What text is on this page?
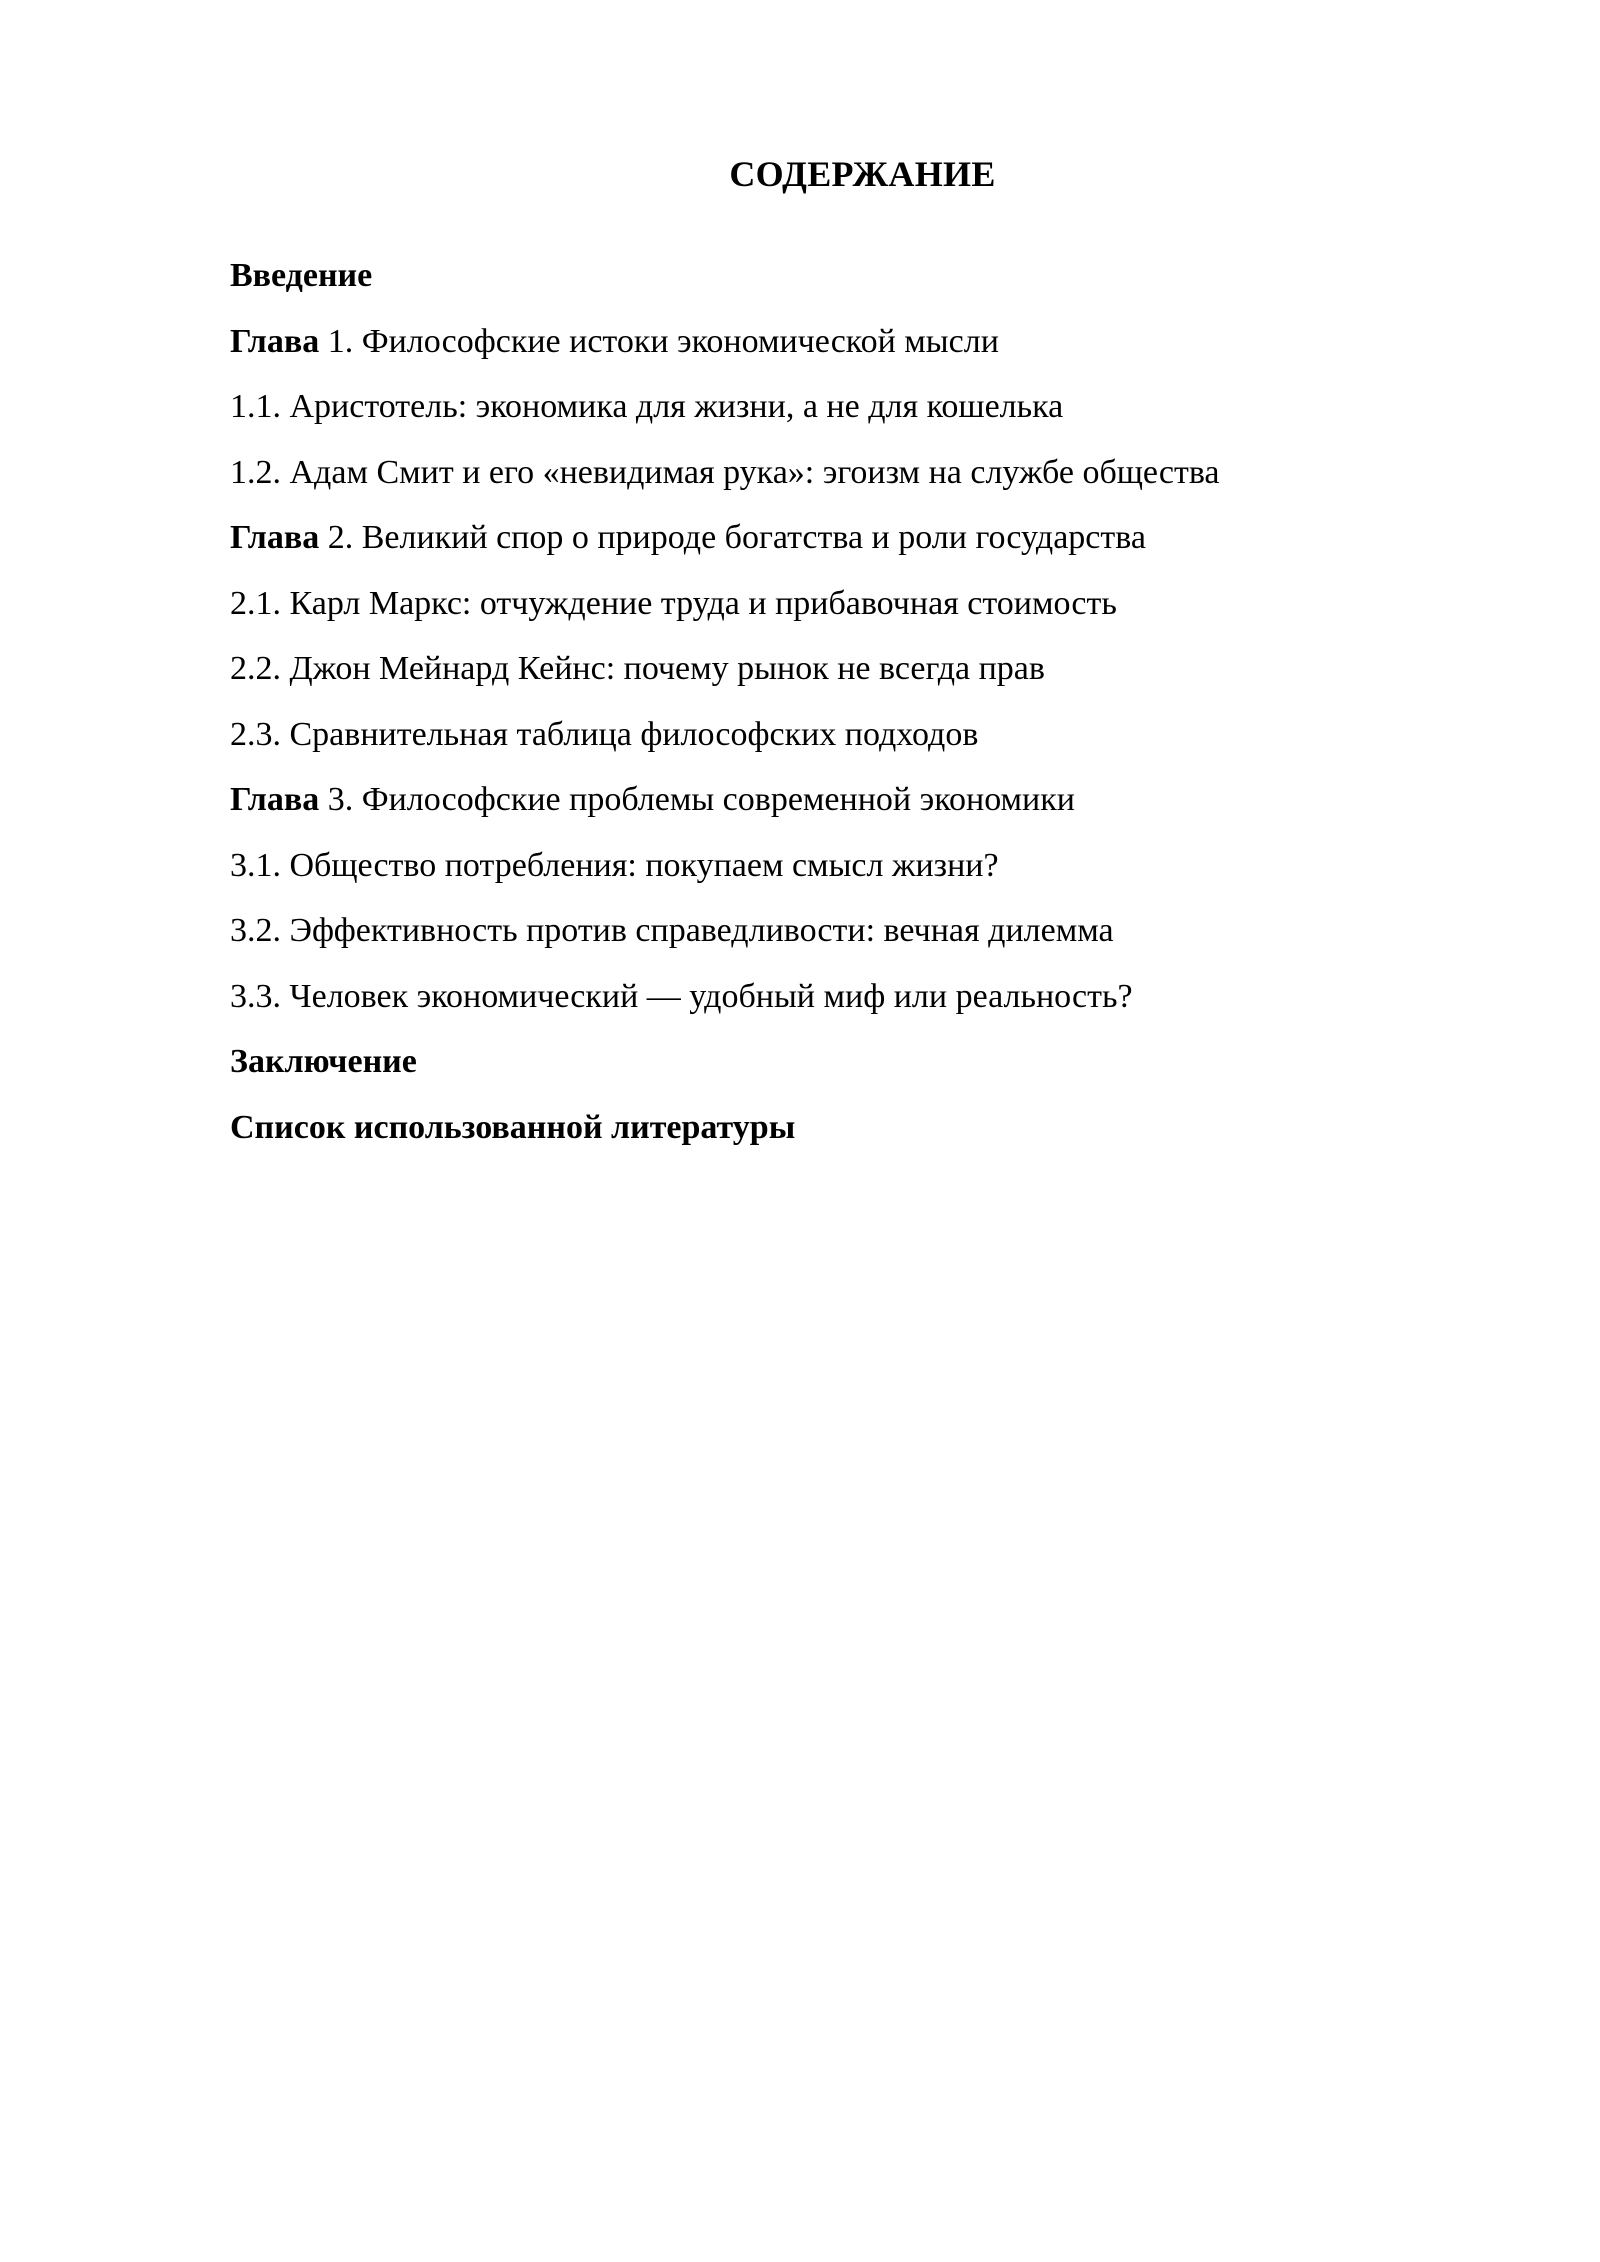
СОДЕРЖАНИЕ
Введение
Глава 1. Философские истоки экономической мысли
1.1. Аристотель: экономика для жизни, а не для кошелька
1.2. Адам Смит и его «невидимая рука»: эгоизм на службе общества
Глава 2. Великий спор о природе богатства и роли государства
2.1. Карл Маркс: отчуждение труда и прибавочная стоимость
2.2. Джон Мейнард Кейнс: почему рынок не всегда прав
2.3. Сравнительная таблица философских подходов
Глава 3. Философские проблемы современной экономики
3.1. Общество потребления: покупаем смысл жизни?
3.2. Эффективность против справедливости: вечная дилемма
3.3. Человек экономический — удобный миф или реальность?
Заключение
Список использованной литературы
